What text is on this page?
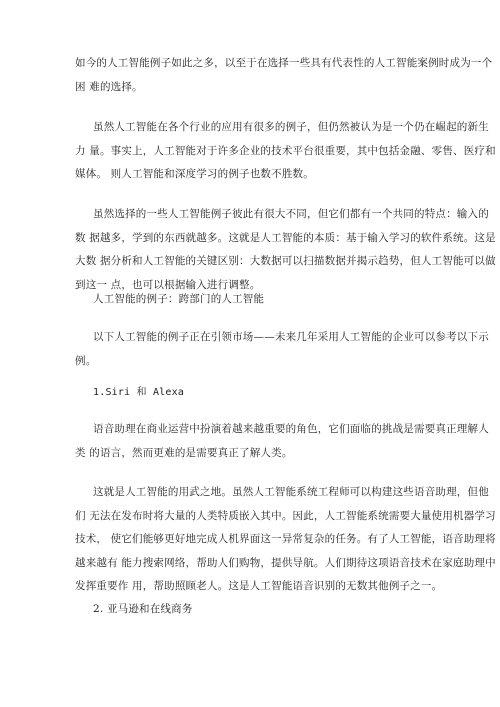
如今的人工智能例子如此之多，以至于在选择一些具有代表性的人工智能案例时成为一个
困 难的选择。

虽然人工智能在各个行业的应用有很多的例子，但仍然被认为是一个仍在崛起的新生
力 量。事实上，人工智能对于许多企业的技术平台很重要，其中包括金融、零售、医疗和
媒体。 则人工智能和深度学习的例子也数不胜数。

虽然选择的一些人工智能例子彼此有很大不同，但它们都有一个共同的特点：输入的
数 据越多，学到的东西就越多。这就是人工智能的本质：基于输入学习的软件系统。这是
大数 据分析和人工智能的关键区别：大数据可以扫描数据并揭示趋势，但人工智能可以做
到这一 点，也可以根据输入进行调整。

人工智能的例子：跨部门的人工智能

以下人工智能的例子正在引领市场——未来几年采用人工智能的企业可以参考以下示
例。

1.Siri 和 Alexa

语音助理在商业运营中扮演着越来越重要的角色，它们面临的挑战是需要真正理解人
类 的语言，然而更难的是需要真正了解人类。

这就是人工智能的用武之地。虽然人工智能系统工程师可以构建这些语音助理，但他
们 无法在发布时将大量的人类特质嵌入其中。因此，人工智能系统需要大量使用机器学习
技术， 使它们能够更好地完成人机界面这一异常复杂的任务。有了人工智能，语音助理将
越来越有 能力搜索网络，帮助人们购物，提供导航。人们期待这项语音技术在家庭助理中
发挥重要作 用，帮助照顾老人。这是人工智能语音识别的无数其他例子之一。

2. 亚马逊和在线商务
